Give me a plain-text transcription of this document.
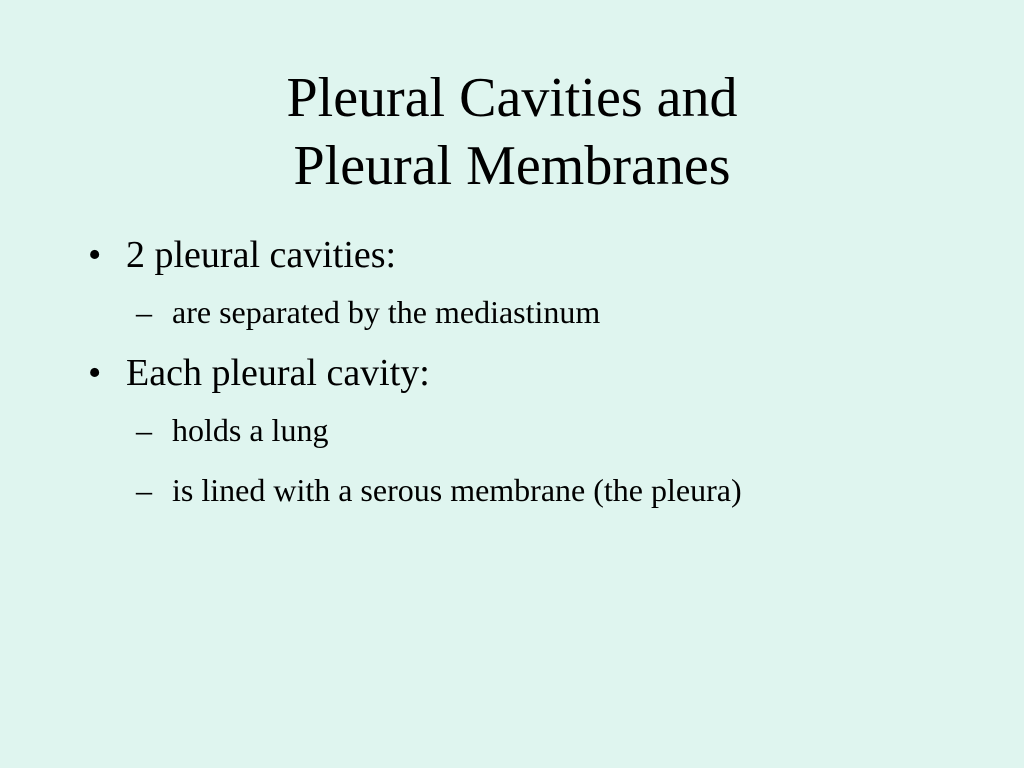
Pleural Cavities and
Pleural Membranes

• 2 pleural cavities:

– are separated by the mediastinum

• Each pleural cavity:

– holds a lung

– is lined with a serous membrane (the pleura)
